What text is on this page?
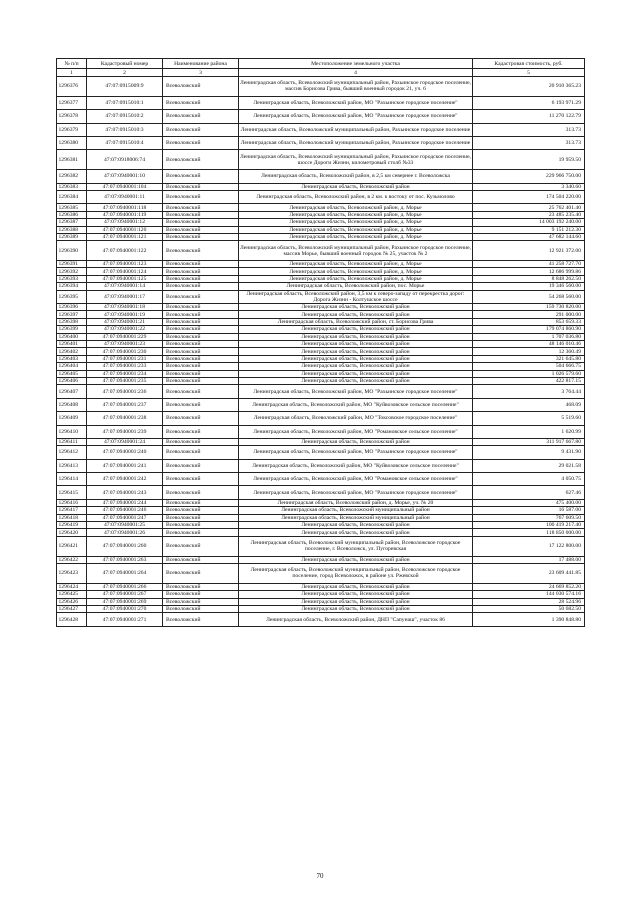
№ п/п	Кадастровый номер	Наименование района	Местоположение земельного участка	Кадастровая стоимость, руб.
1	2	3	4	5
1296376	47:07:0915009:9	Всеволожский	Ленинградская область, Всеволожский муниципальный район, Рахьинское городское поселение, массив Борисова Грива, бывший военный городок 21, уч. 6	20 910 365.23
1296377	47:07:0915010:1	Всеволожский	Ленинградская область, Всеволожский район, МО "Рахьинское городское поселение"	6 193 971.29
1296378	47:07:0915010:2	Всеволожский	Ленинградская область, Всеволожский район, МО "Рахьинское городское поселение"	11 270 122.79
1296379	47:07:0915010:3	Всеволожский	Ленинградская область, Всеволожский муниципальный район, Рахьинское городское поселение	313.73
1296380	47:07:0915010:4	Всеволожский	Ленинградская область, Всеволожский муниципальный район, Рахьинское городское поселение	313.73
1296381	47:07:0918006:74	Всеволожский	Ленинградская область, Всеволожский муниципальный район, Рахьинское городское поселение, шоссе Дороги Жизни, километровый столб №33	19 959.50
1296382	47:07:0940001:10	Всеволожский	Ленинградская область, Всеволожский район, в 2,5 км севернее г. Всеволожска	229 966 750.00
1296383	47:07:0940001:104	Всеволожский	Ленинградская область, Всеволожский район	3 340.60
1296384	47:07:0940001:11	Всеволожский	Ленинградская область, Всеволожский район, в 2 км. к востоку от пос. Кузьмолово	174 504 220.00
1296385	47:07:0940001:118	Всеволожский	Ленинградская область, Всеволожский район, д. Морье	25 762 401.40
1296386	47:07:0940001:119	Всеволожский	Ленинградская область, Всеволожский район, д. Морье	23 485 235.40
1296387	47:07:0940001:12	Всеволожский	Ленинградская область, Всеволожский район, д. Морье	14 003 192 240.00
1296388	47:07:0940001:120	Всеволожский	Ленинградская область, Всеволожский район, д. Морье	9 151 212.30
1296389	47:07:0940001:121	Всеволожский	Ленинградская область, Всеволожский район, д. Морье	47 682 144.60
1296390	47:07:0940001:122	Всеволожский	Ленинградская область, Всеволожский муниципальный район, Рахьинское городское поселение, массив Морье, бывший военный городок № 25, участок № 2	12 921 372.00
1296391	47:07:0940001:123	Всеволожский	Ленинградская область, Всеволожский район, д. Морье	41 258 727.70
1296392	47:07:0940001:124	Всеволожский	Ленинградская область, Всеволожский район, д. Морье	12 686 999.86
1296393	47:07:0940001:125	Всеволожский	Ленинградская область, Всеволожский район, д. Морье	8 848 262.50
1296394	47:07:0940001:14	Всеволожский	Ленинградская область, Всеволожский район, пос. Морье	19 346 560.00
1296395	47:07:0940001:17	Всеволожский	Ленинградская область, Всеволожский район, 3,5 км к северо-западу от перекрестка дорог: Дорога Жизни - Колтушское шоссе	54 268 560.00
1296396	47:07:0940001:18	Всеволожский	Ленинградская область, Всеволожский район	159 730 820.00
1296397	47:07:0940001:19	Всеволожский	Ленинградская область, Всеволожский район	291 000.00
1296398	47:07:0940001:21	Всеволожский	Ленинградская область, Всеволожский район, ст. Борисова Грива	853 659.33
1296399	47:07:0940001:22	Всеволожский	Ленинградская область, Всеволожский район	179 074 860.90
1296400	47:07:0940001:229	Всеволожский	Ленинградская область, Всеволожский район	1 707 036.80
1296401	47:07:0940001:23	Всеволожский	Ленинградская область, Всеволожский район	48 146 010.46
1296402	47:07:0940001:230	Всеволожский	Ленинградская область, Всеволожский район	12 360.49
1296403	47:07:0940001:231	Всеволожский	Ленинградская область, Всеволожский район	321 645.80
1296404	47:07:0940001:233	Всеволожский	Ленинградская область, Всеволожский район	504 666.75
1296405	47:07:0940001:234	Всеволожский	Ленинградская область, Всеволожский район	1 026 579.60
1296406	47:07:0940001:235	Всеволожский	Ленинградская область, Всеволожский район	422 817.15
1296407	47:07:0940001:236	Всеволожский	Ленинградская область, Всеволожский район, МО "Рахьинское городское поселение"	3 764.44
1296408	47:07:0940001:237	Всеволожский	Ленинградская область, Всеволожский район, МО "Куйвозовское сельское поселение"	468.09
1296409	47:07:0940001:238	Всеволожский	Ленинградская область, Всеволожский район, МО "Токсовское городское поселение"	5 519.60
1296410	47:07:0940001:239	Всеволожский	Ленинградская область, Всеволожский район, МО "Романовское сельское поселение"	1 620.99
1296411	47:07:0940001:24	Всеволожский	Ленинградская область, Всеволожский район	311 917 667.80
1296412	47:07:0940001:240	Всеволожский	Ленинградская область, Всеволожский район, МО "Рахьинское городское поселение"	9 431.90
1296413	47:07:0940001:241	Всеволожский	Ленинградская область, Всеволожский район, МО "Куйвозовское сельское поселение"	29 021.58
1296414	47:07:0940001:242	Всеволожский	Ленинградская область, Всеволожский район, МО "Романовское сельское поселение"	4 050.75
1296415	47:07:0940001:243	Всеволожский	Ленинградская область, Всеволожский район, МО "Рахьинское городское поселение"	627.46
1296416	47:07:0940001:244	Всеволожский	Ленинградская область, Всеволожский район, д. Морье, уч. № 20	475 400.00
1296417	47:07:0940001:246	Всеволожский	Ленинградская область, Всеволожский муниципальный район	16 587.00
1296418	47:07:0940001:247	Всеволожский	Ленинградская область, Всеволожский муниципальный район	767 609.50
1296419	47:07:0940001:25	Всеволожский	Ленинградская область, Всеволожский район	100 419 217.40
1296420	47:07:0940001:26	Всеволожский	Ленинградская область, Всеволожский район	118 850 000.00
1296421	47:07:0940001:260	Всеволожский	Ленинградская область, Всеволожский муниципальный район, Всеволожское городское поселение, г. Всеволожск, ул. Пугоревская	17 122 800.00
1296422	47:07:0940001:263	Всеволожский	Ленинградская область, Всеволожский район	17 488.00
1296423	47:07:0940001:264	Всеволожский	Ленинградская область, Всеволожский муниципальный район, Всеволожское городское поселение, город Всеволожск, в районе ул. Ржевской	23 609 441.85
1296424	47:07:0940001:266	Всеволожский	Ленинградская область, Всеволожский район	24 669 852.20
1296425	47:07:0940001:267	Всеволожский	Ленинградская область, Всеволожский район	144 030 574.16
1296426	47:07:0940001:269	Всеволожский	Ленинградская область, Всеволожский район	28 524.96
1296427	47:07:0940001:270	Всеволожский	Ленинградская область, Всеволожский район	50 682.50
1296428	47:07:0940001:271	Всеволожский	Ленинградская область, Всеволожский район, ДНП "Сапунаш", участок 86	1 390 848.80
70
